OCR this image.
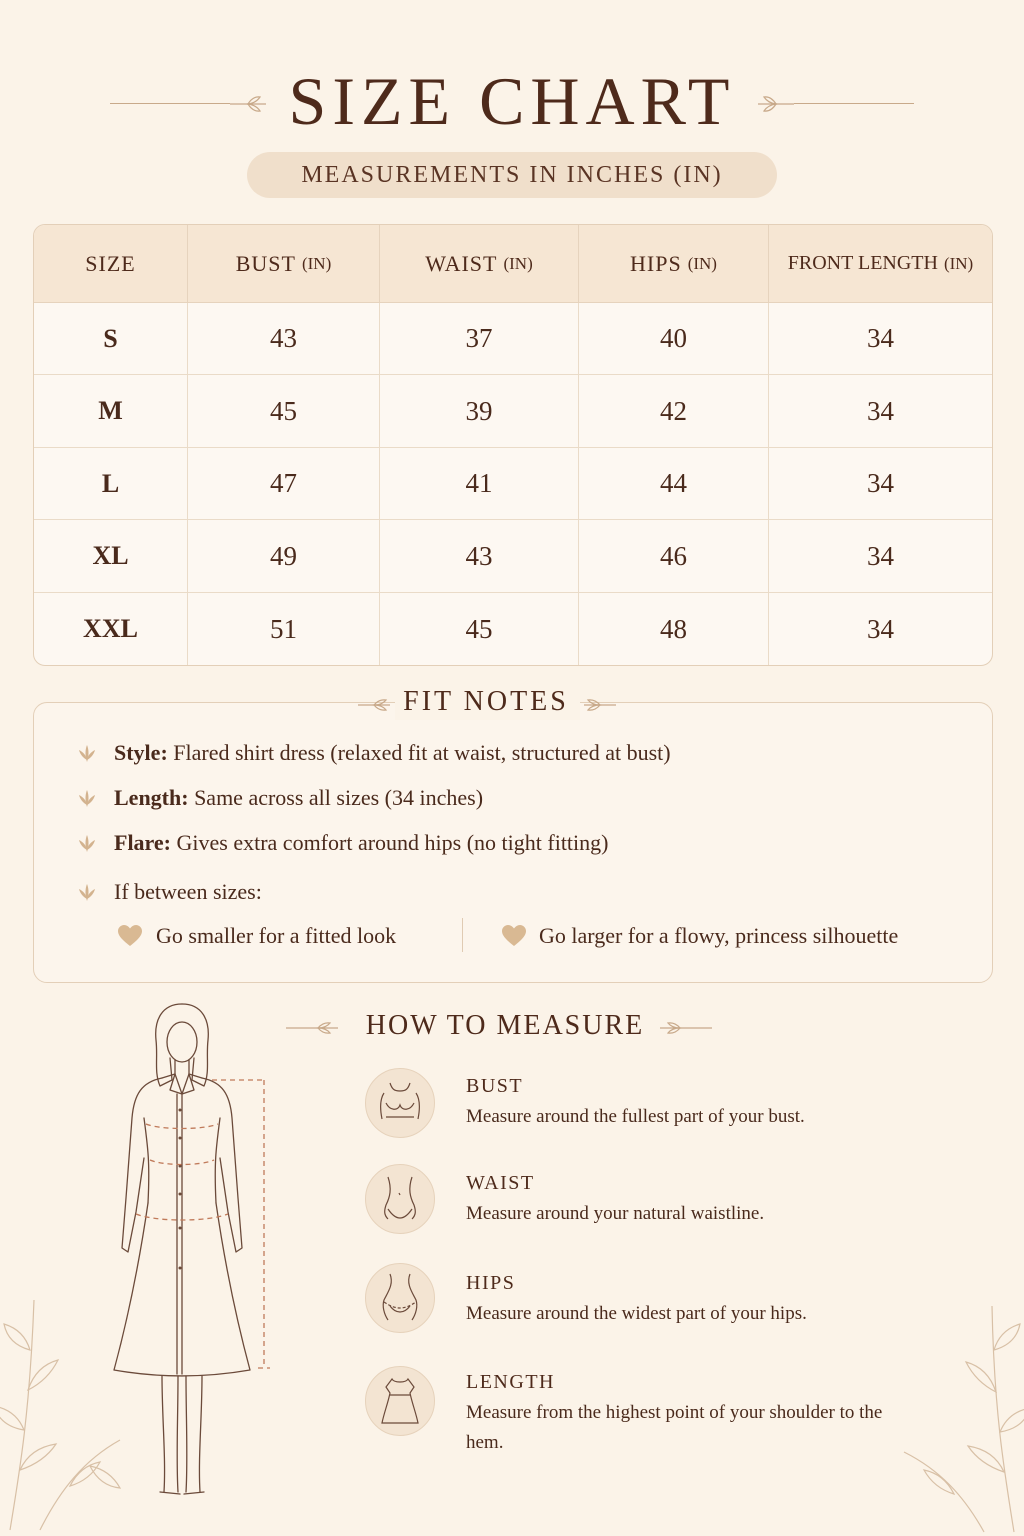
SIZE CHART
MEASUREMENTS IN INCHES (IN)
SIZE	BUST (IN)	WAIST (IN)	HIPS (IN)	FRONT LENGTH (IN)
S	43	37	40	34
M	45	39	42	34
L	47	41	44	34
XL	49	43	46	34
XXL	51	45	48	34
FIT NOTES
Style: Flared shirt dress (relaxed fit at waist, structured at bust)
Length: Same across all sizes (34 inches)
Flare: Gives extra comfort around hips (no tight fitting)
If between sizes:
Go smaller for a fitted look	Go larger for a flowy, princess silhouette
HOW TO MEASURE
BUST
Measure around the fullest part of your bust.
WAIST
Measure around your natural waistline.
HIPS
Measure around the widest part of your hips.
LENGTH
Measure from the highest point of your shoulder to the hem.
